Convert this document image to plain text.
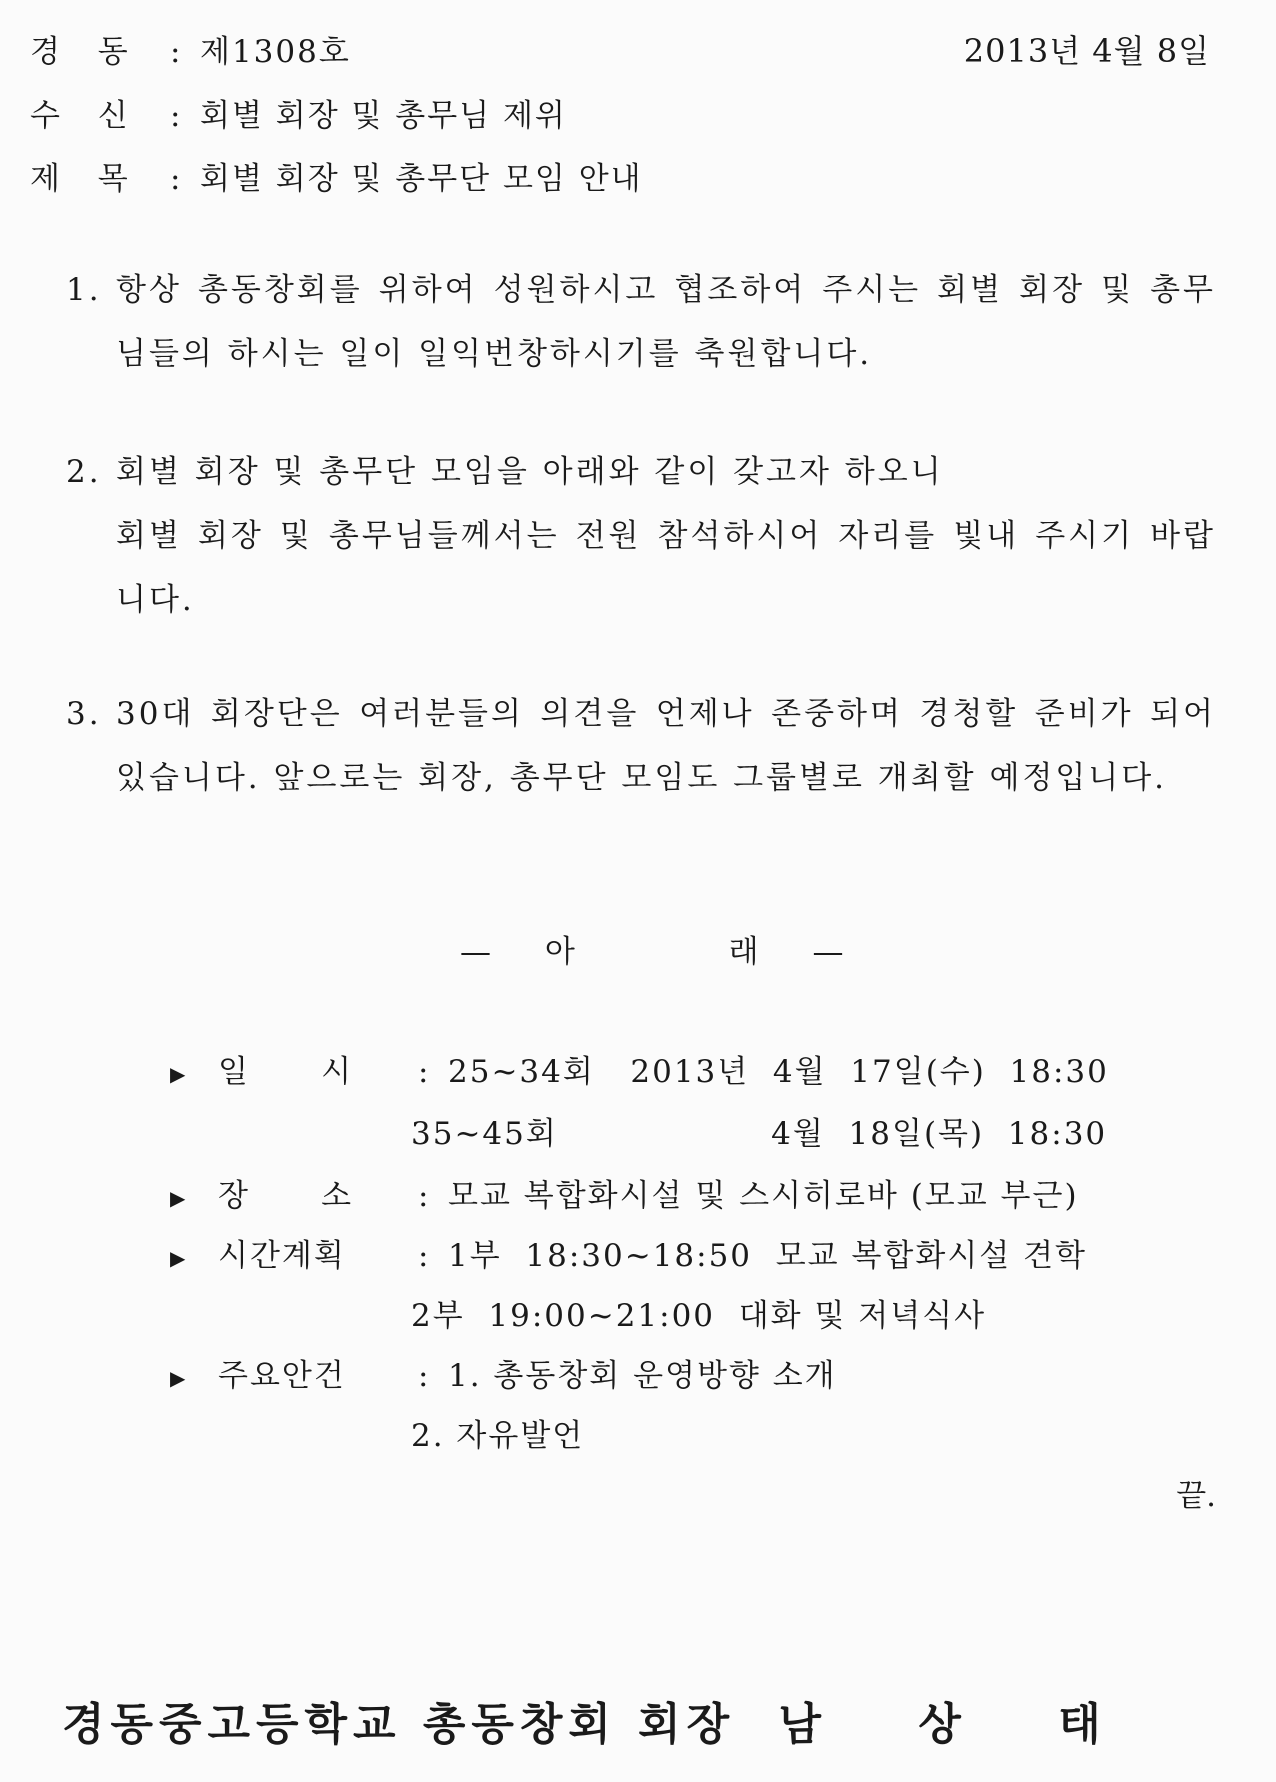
경 동 : 제1308호	2013년 4월 8일
수 신 : 회별 회장 및 총무님 제위
제 목 : 회별 회장 및 총무단 모임 안내
1. 항상 총동창회를 위하여 성원하시고 협조하여 주시는 회별 회장 및 총무님들의 하시는 일이 일익번창하시기를 축원합니다.
2. 회별 회장 및 총무단 모임을 아래와 같이 갖고자 하오니
회별 회장 및 총무님들께서는 전원 참석하시어 자리를 빛내 주시기 바랍니다.
3. 30대 회장단은 여러분들의 의견을 언제나 존중하며 경청할 준비가 되어 있습니다. 앞으로는 회장, 총무단 모임도 그룹별로 개최할 예정입니다.
— 아	래 —
▶ 일      시 : 25~34회   2013년  4월  17일(수)  18:30
35~45회                  4월  18일(목)  18:30
▶ 장      소 : 모교 복합화시설 및 스시히로바 (모교 부근)
▶ 시간계획 : 1부  18:30~18:50  모교 복합화시설 견학
2부  19:00~21:00  대화 및 저녁식사
▶ 주요안건 : 1. 총동창회 운영방향 소개
2. 자유발언
끝.
경동중고등학교 총동창회 회장 남 상 태
